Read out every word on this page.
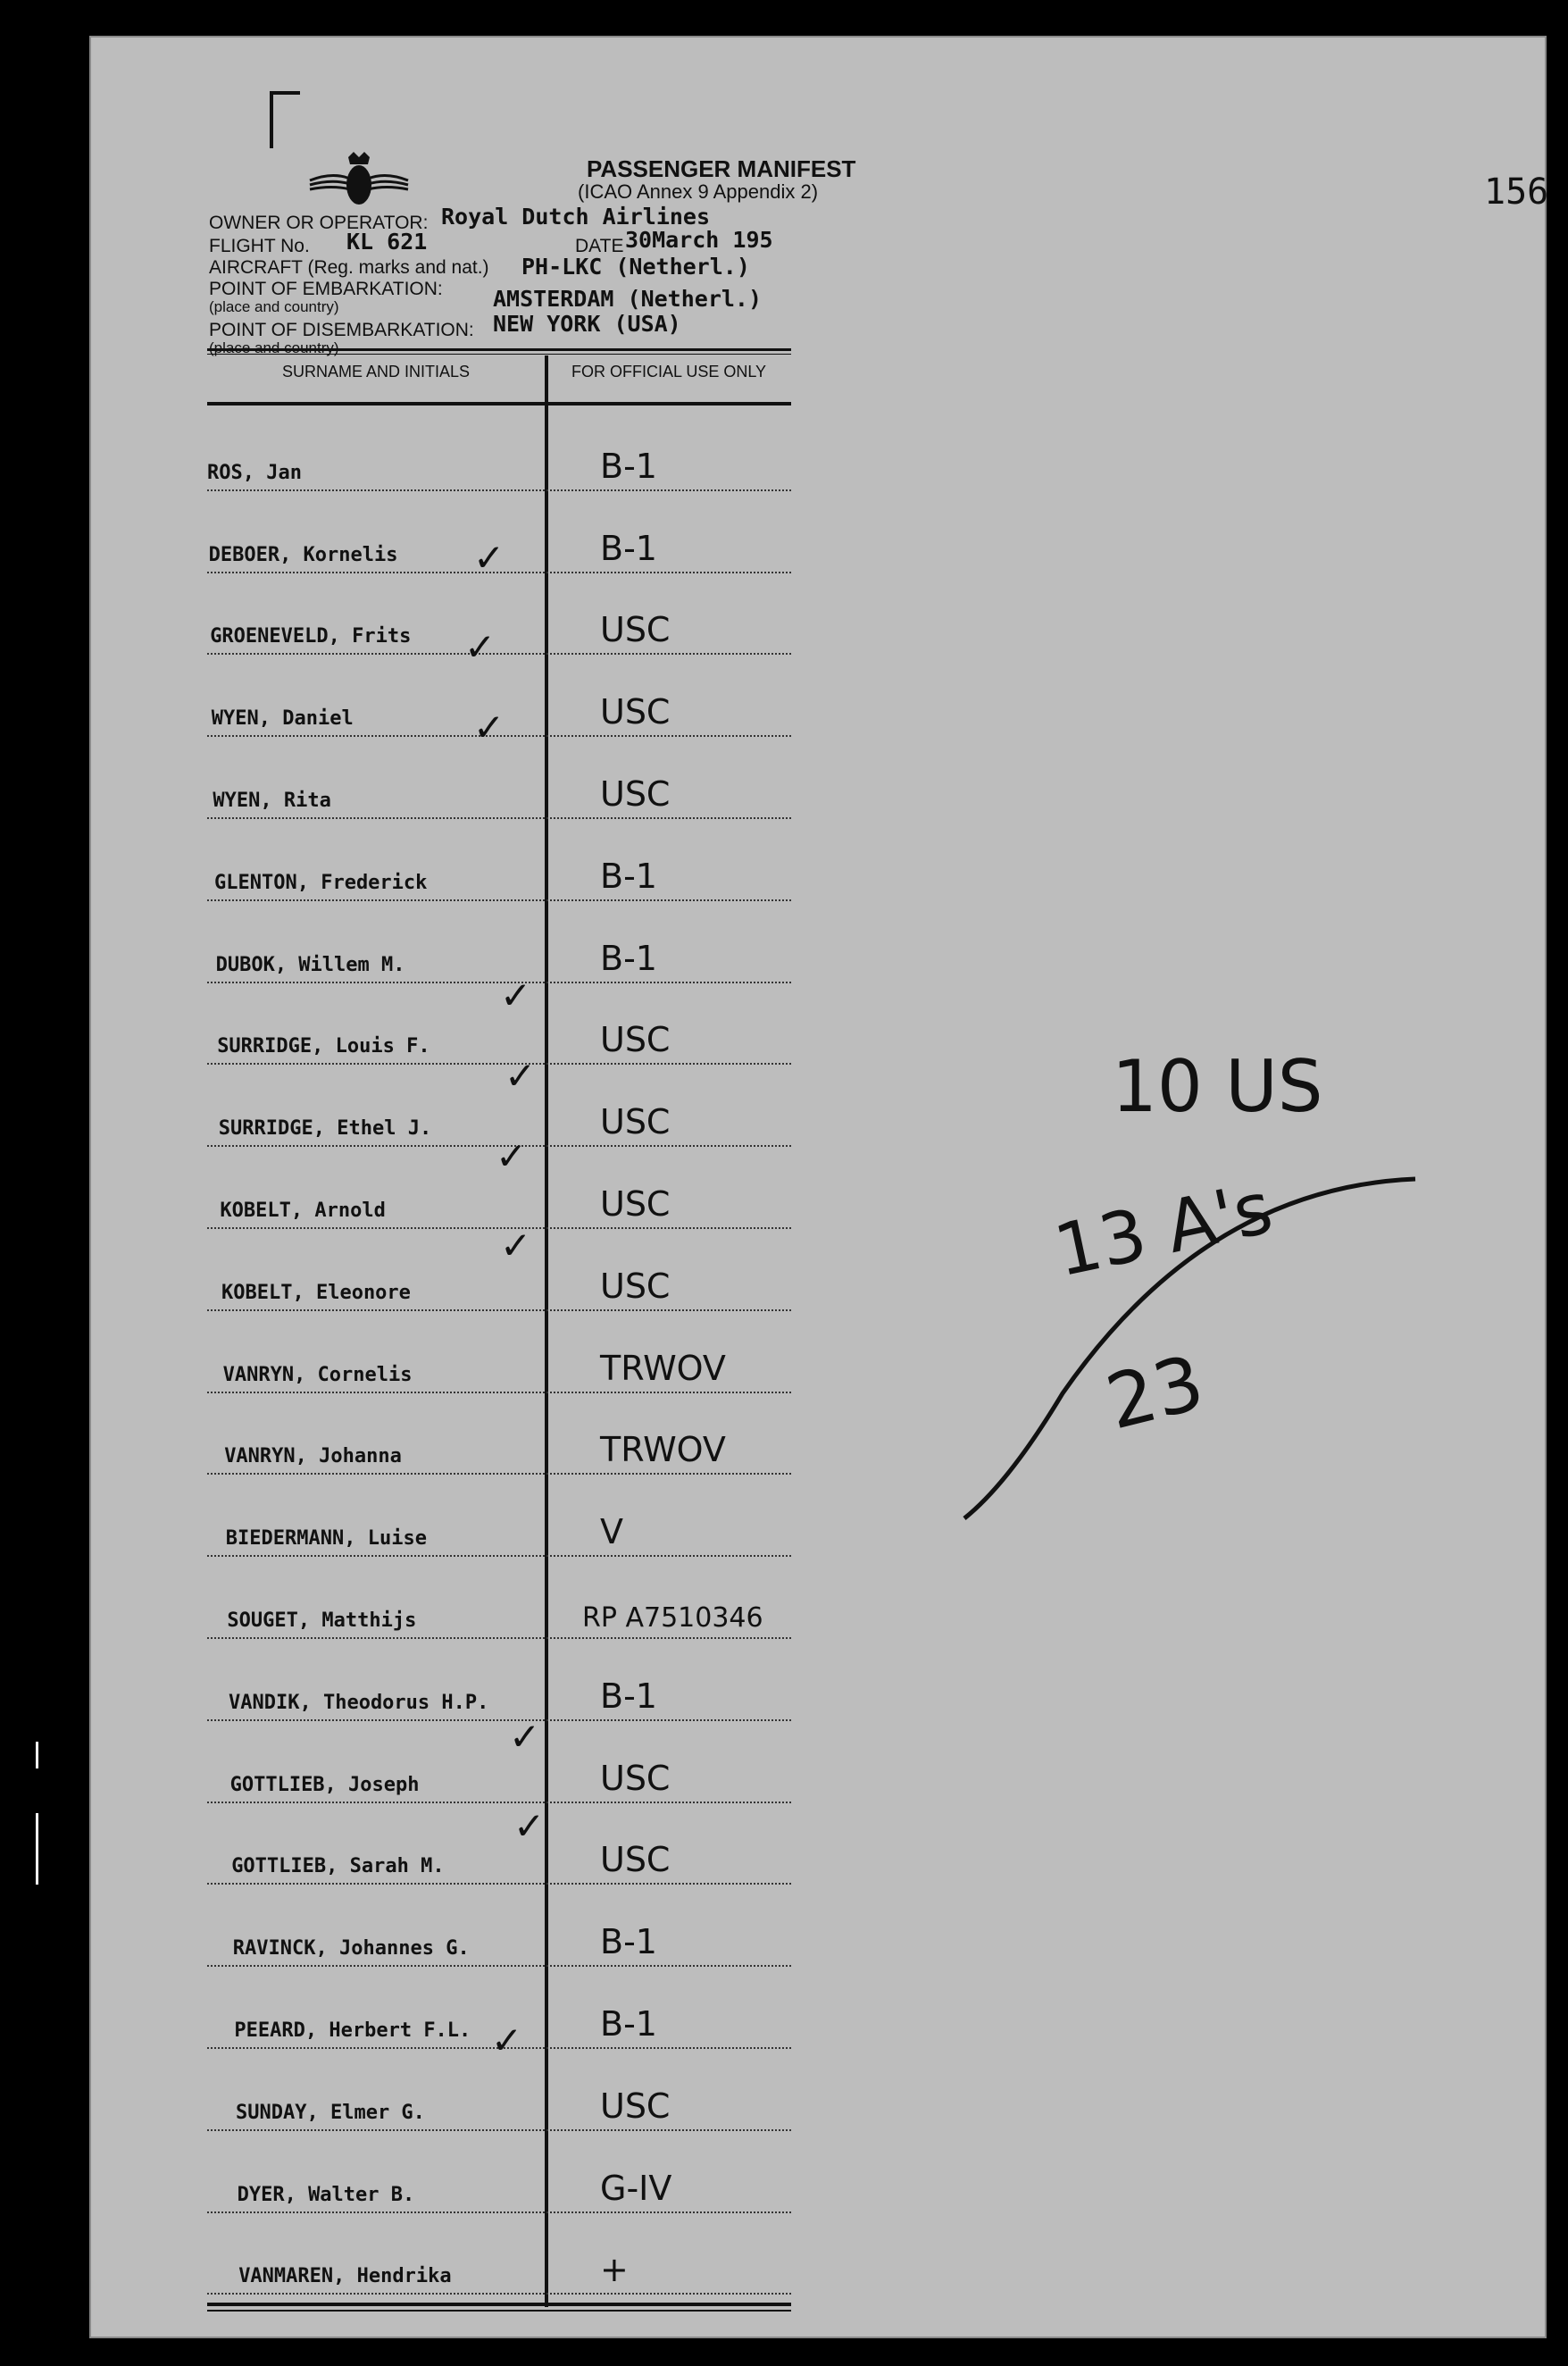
156
PASSENGER MANIFEST
(ICAO Annex 9 Appendix 2)
OWNER OR OPERATOR: Royal Dutch Airlines
FLIGHT No. KL 621	DATE 30March 195
AIRCRAFT (Reg. marks and nat.) PH-LKC (Netherl.)
POINT OF EMBARKATION:
(place and country)	AMSTERDAM (Netherl.)
POINT OF DISEMBARKATION: NEW YORK (USA)
SURNAME AND INITIALS	FOR OFFICIAL USE ONLY
ROS, Jan	B-1
DEBOER, Kornelis	B-1
GROENEVELD, Frits	USC
WYEN, Daniel	USC
WYEN, Rita	USC
GLENTON, Frederick	B-1
DUBOK, Willem M.	B-1
SURRIDGE, Louis F.	USC
SURRIDGE, Ethel J.	USC
KOBELT, Arnold	USC
KOBELT, Eleonore	USC
VANRYN, Cornelis	TRWOV
VANRYN, Johanna	TRWOV
BIEDERMANN, Luise	V
SOUGET, Matthijs	RP A7510346
VANDIK, Theodorus H.P.	B-1
GOTTLIEB, Joseph	USC
GOTTLIEB, Sarah M.	USC
RAVINCK, Johannes G.	B-1
PEEARD, Herbert F.L.	B-1
SUNDAY, Elmer G.	USC
DYER, Walter B.	G-IV
VANMAREN, Hendrika	+
✓
✓
✓
✓
✓
✓
✓
✓
✓
✓
10 US
13 A's
23
